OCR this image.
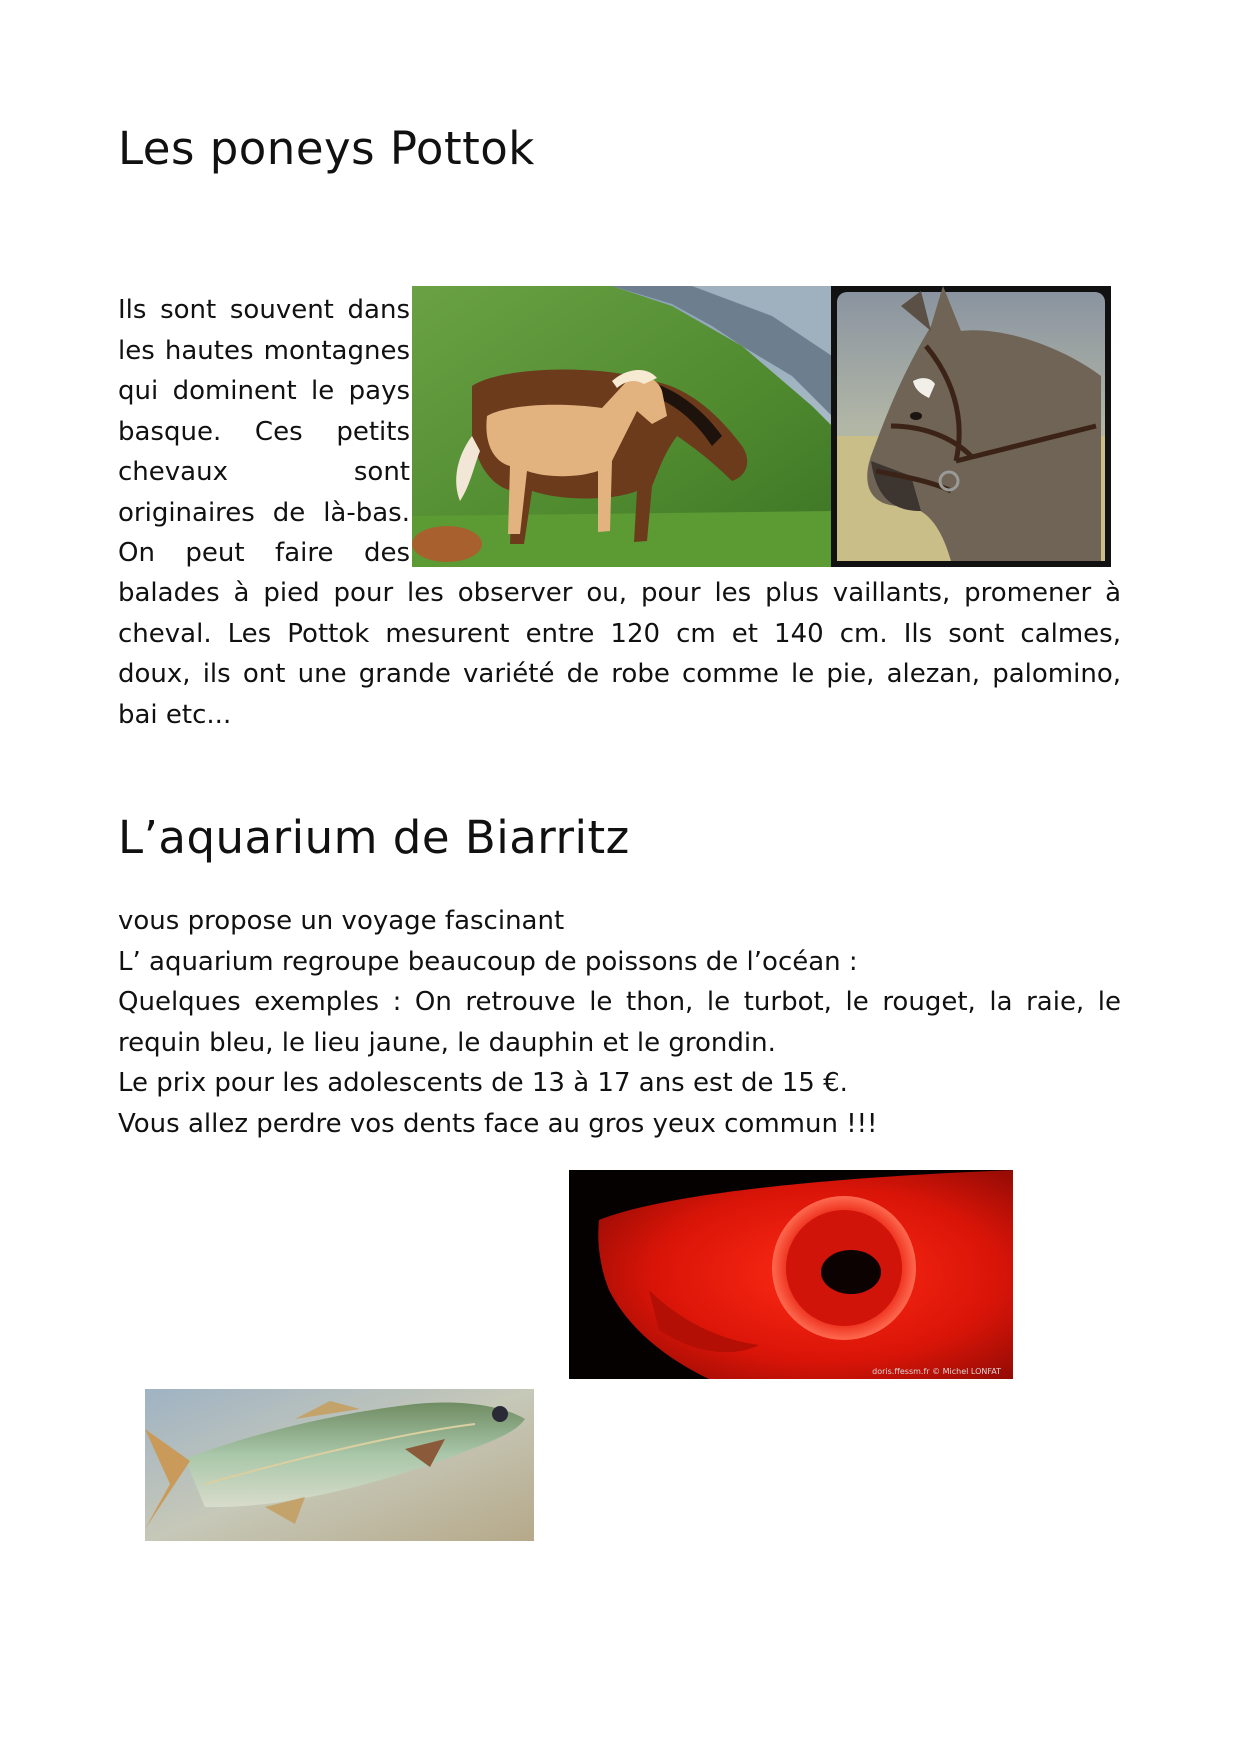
Les poneys Pottok
Ils sont souvent dans
les hautes montagnes
qui dominent le pays
basque. Ces petits
chevaux sont
originaires de là-bas.
On peut faire des
balades à pied pour les observer ou, pour les plus vaillants, promener à
cheval. Les Pottok mesurent entre 120 cm et 140 cm. Ils sont calmes,
doux, ils ont une grande variété de robe comme le pie, alezan, palomino,
bai etc...
L’aquarium de Biarritz
vous propose un voyage fascinant
L’ aquarium regroupe beaucoup de poissons de l’océan :
Quelques exemples : On retrouve le thon, le turbot, le rouget, la raie, le
requin bleu, le lieu jaune, le dauphin et le grondin.
Le prix pour les adolescents de 13 à 17 ans est de 15 €.
Vous allez perdre vos dents face au gros yeux commun !!!
doris.ffessm.fr © Michel LONFAT
